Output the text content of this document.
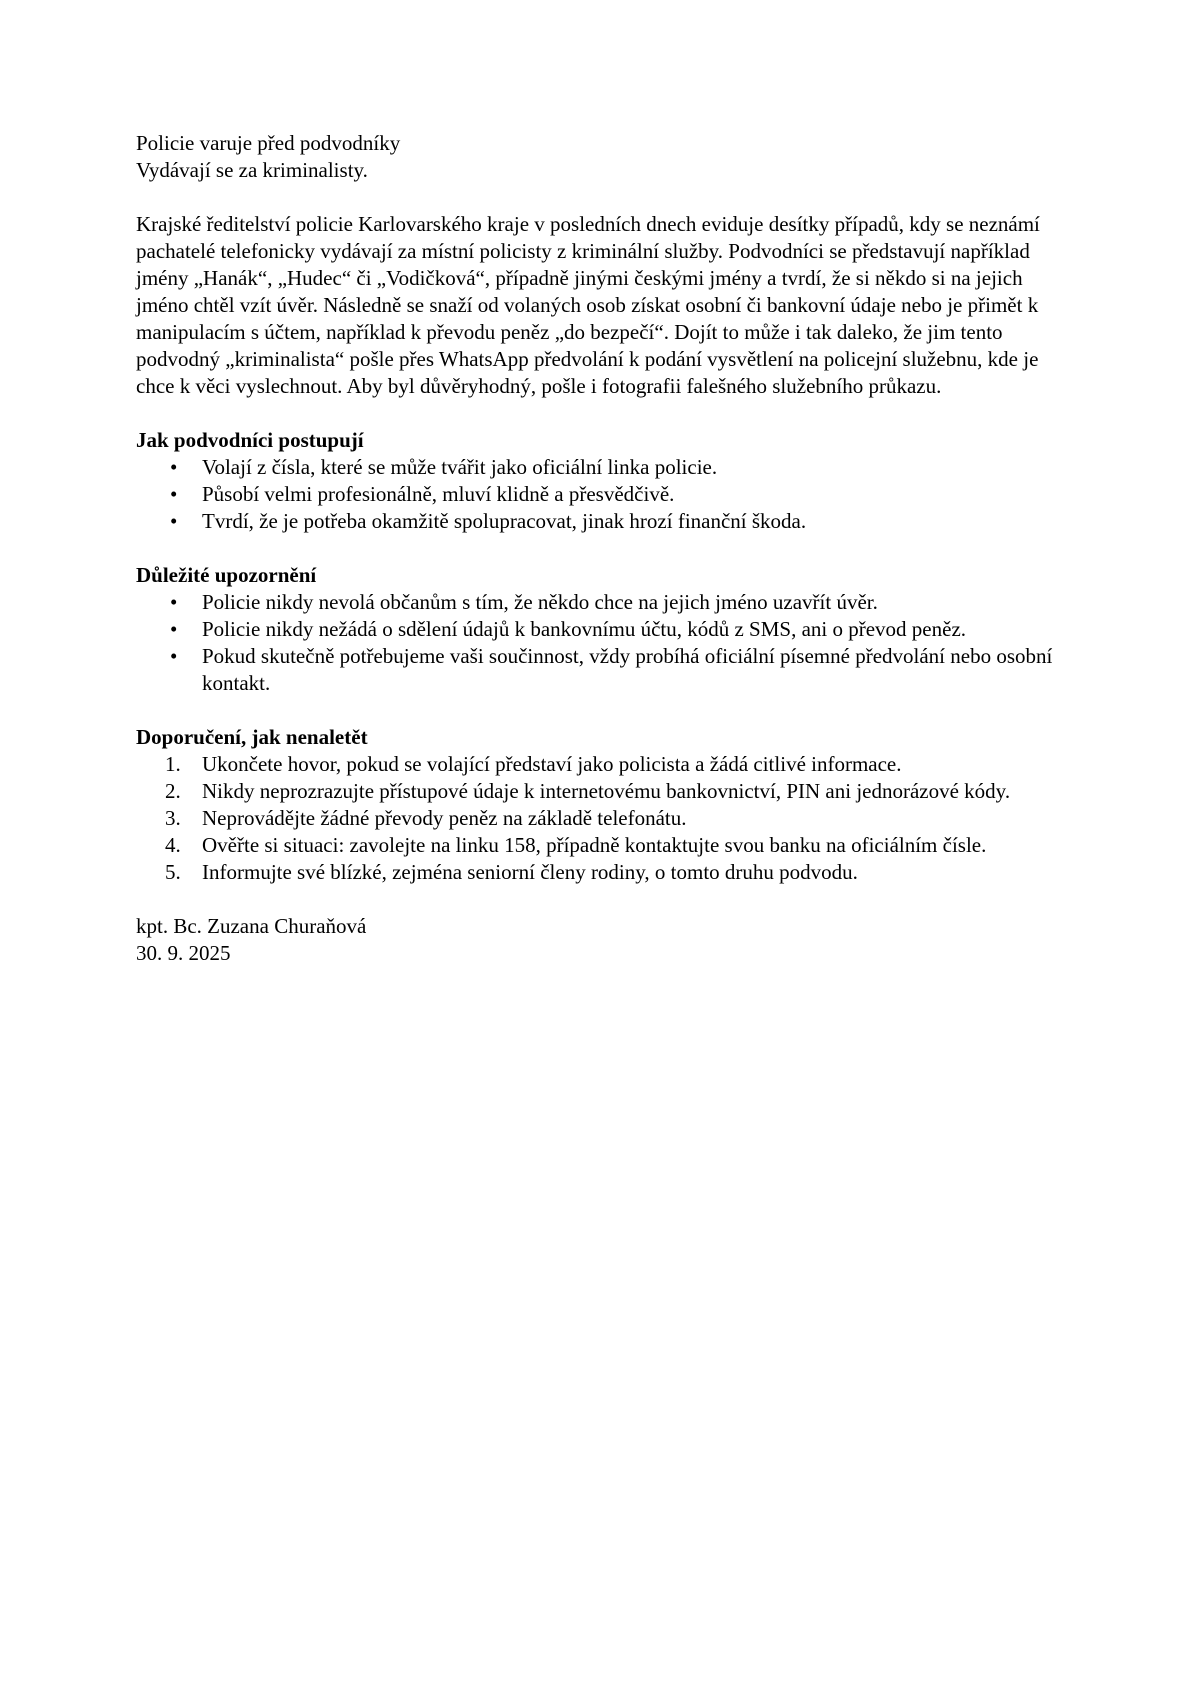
Policie varuje před podvodníky

Vydávají se za kriminalisty.

Krajské ředitelství policie Karlovarského kraje v posledních dnech eviduje desítky případů, kdy se neznámí pachatelé telefonicky vydávají za místní policisty z kriminální služby. Podvodníci se představují například jmény „Hanák“, „Hudec“ či „Vodičková“, případně jinými českými jmény a tvrdí, že si někdo si na jejich jméno chtěl vzít úvěr. Následně se snaží od volaných osob získat osobní či bankovní údaje nebo je přimět k manipulacím s účtem, například k převodu peněz „do bezpečí“. Dojít to může i tak daleko, že jim tento podvodný „kriminalista“ pošle přes WhatsApp předvolání k podání vysvětlení na policejní služebnu, kde je chce k věci vyslechnout. Aby byl důvěryhodný, pošle i fotografii falešného služebního průkazu.

Jak podvodníci postupují

• Volají z čísla, které se může tvářit jako oficiální linka policie.
• Působí velmi profesionálně, mluví klidně a přesvědčivě.
• Tvrdí, že je potřeba okamžitě spolupracovat, jinak hrozí finanční škoda.

Důležité upozornění

• Policie nikdy nevolá občanům s tím, že někdo chce na jejich jméno uzavřít úvěr.
• Policie nikdy nežádá o sdělení údajů k bankovnímu účtu, kódů z SMS, ani o převod peněz.
• Pokud skutečně potřebujeme vaši součinnost, vždy probíhá oficiální písemné předvolání nebo osobní kontakt.

Doporučení, jak nenaletět

Ukončete hovor, pokud se volající představí jako policista a žádá citlivé informace.
Nikdy neprozrazujte přístupové údaje k internetovému bankovnictví, PIN ani jednorázové kódy.
Neprovádějte žádné převody peněz na základě telefonátu.
Ověřte si situaci: zavolejte na linku 158, případně kontaktujte svou banku na oficiálním čísle.
Informujte své blízké, zejména seniorní členy rodiny, o tomto druhu podvodu.

kpt. Bc. Zuzana Churaňová

30. 9. 2025
